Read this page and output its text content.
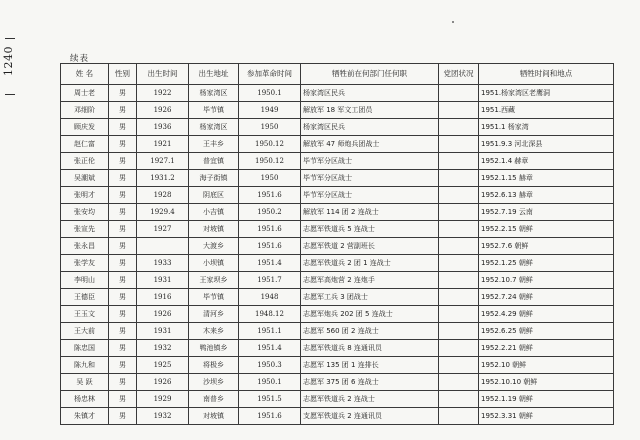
1240	续表
姓 名	性别	出生时间	出生地址	参加革命时间	牺牲前在何部门任何职	党团状况	牺牲时间和地点
周士老	男	1922	杨家湾区	1950.1	杨家湾区民兵		1951.杨家湾区老鹰洞
邓细阶	男	1926	毕节镇	1949	解放军 18 军文工团员		1951.西藏
顾庆发	男	1936	杨家湾区	1950	杨家湾区民兵		1951.1 杨家湾
赵仁富	男	1921	王丰乡	1950.12	解放军 47 师炮兵团战士		1951.9.3 河北深县
张正伦	男	1927.1	普宜镇	1950.12	毕节军分区战士		1952.1.4 赫章
吴潮斌	男	1931.2	海子街镇	1950	毕节军分区战士		1952.1.15 赫章
张明才	男	1928	阴底区	1951.6	毕节军分区战士		1952.6.13 赫章
张安均	男	1929.4	小吉镇	1950.2	解放军 114 团 2 连战士		1952.7.19 云南
张宣先	男	1927	对坡镇	1951.6	志愿军铁道兵 5 连战士		1952.2.15 朝鲜
张永昌	男		大渡乡	1951.6	志愿军铁道 2 营副班长		1952.7.6 朝鲜
张学友	男	1933	小坝镇	1951.4	志愿军铁道兵 2 团 1 连战士		1952.1.25 朝鲜
李明山	男	1931	王家坝乡	1951.7	志愿军高炮营 2 连炮手		1952.10.7 朝鲜
王德臣	男	1916	毕节镇	1948	志愿军工兵 3 团战士		1952.7.24 朝鲜
王玉文	男	1926	清河乡	1948.12	志愿军炮兵 202 团 5 连战士		1952.4.29 朝鲜
王大前	男	1931	木来乡	1951.1	志愿军 560 团 2 连战士		1952.6.25 朝鲜
陈忠国	男	1932	鸭池镇乡	1951.4	志愿军铁道兵 8 连通讯员		1952.2.21 朝鲜
陈九和	男	1925	将极乡	1950.3	志愿军 135 团 1 连排长		1952.10 朝鲜
吴 跃	男	1926	沙坝乡	1950.1	志愿军 375 团 6 连战士		1952.10.10 朝鲜
杨忠林	男	1929	南普乡	1951.5	志愿军铁道兵 2 连战士		1952.1.19 朝鲜
朱镇才	男	1932	对坡镇	1951.6	支愿军铁道兵 2 连通讯员		1952.3.31 朝鲜
